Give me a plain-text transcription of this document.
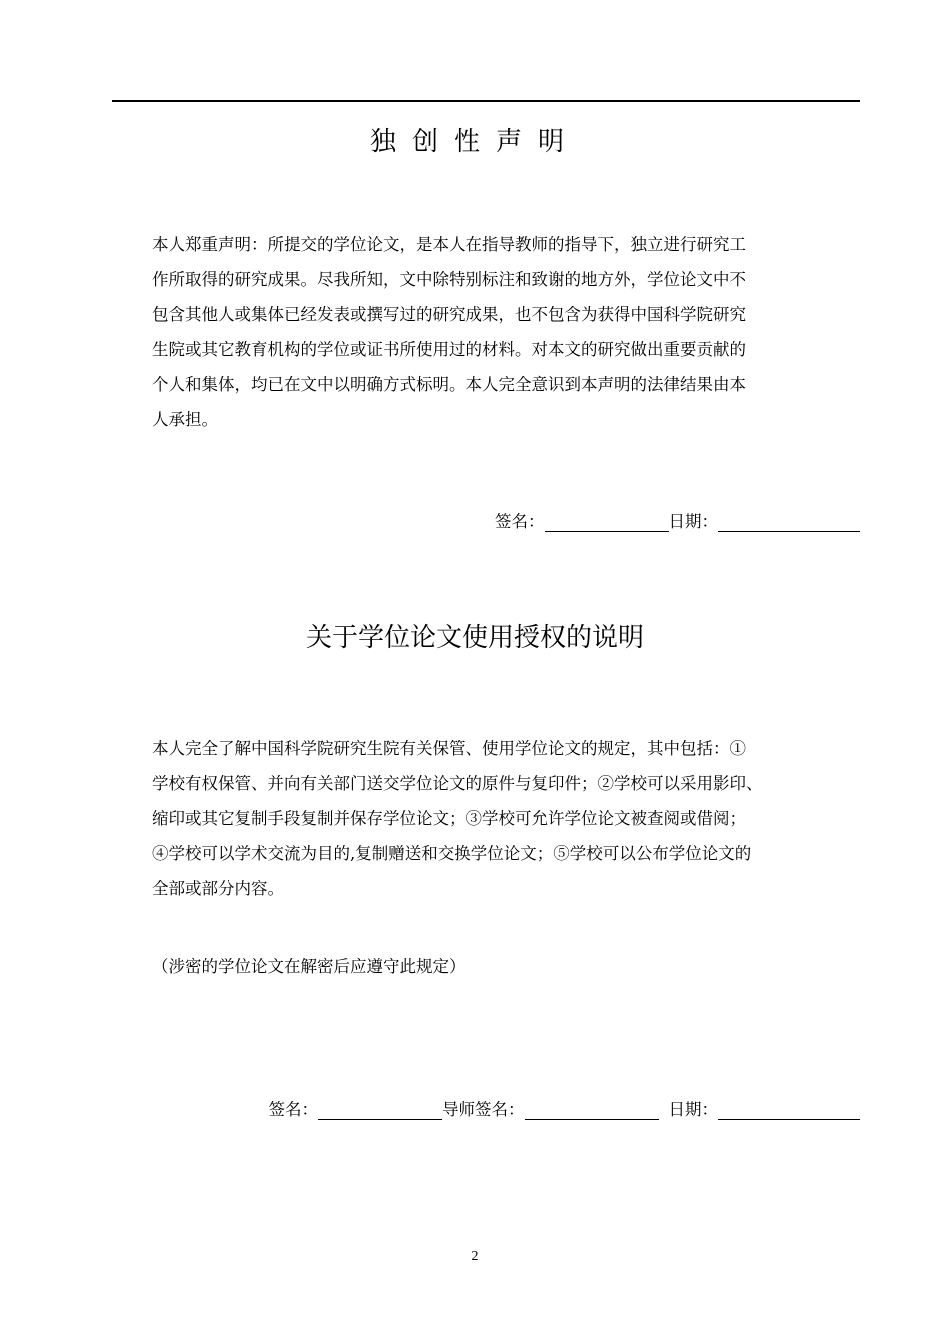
独创性声明
本人郑重声明：所提交的学位论文，是本人在指导教师的指导下，独立进行研究工
作所取得的研究成果。尽我所知，文中除特别标注和致谢的地方外，学位论文中不
包含其他人或集体已经发表或撰写过的研究成果，也不包含为获得中国科学院研究
生院或其它教育机构的学位或证书所使用过的材料。对本文的研究做出重要贡献的
个人和集体，均已在文中以明确方式标明。本人完全意识到本声明的法律结果由本
人承担。
签名：	日期：
关于学位论文使用授权的说明
本人完全了解中国科学院研究生院有关保管、使用学位论文的规定，其中包括：①
学校有权保管、并向有关部门送交学位论文的原件与复印件；②学校可以采用影印、
缩印或其它复制手段复制并保存学位论文；③学校可允许学位论文被查阅或借阅；
④学校可以学术交流为目的,复制赠送和交换学位论文；⑤学校可以公布学位论文的
全部或部分内容。
（涉密的学位论文在解密后应遵守此规定）
签名：	导师签名：	日期：
2
